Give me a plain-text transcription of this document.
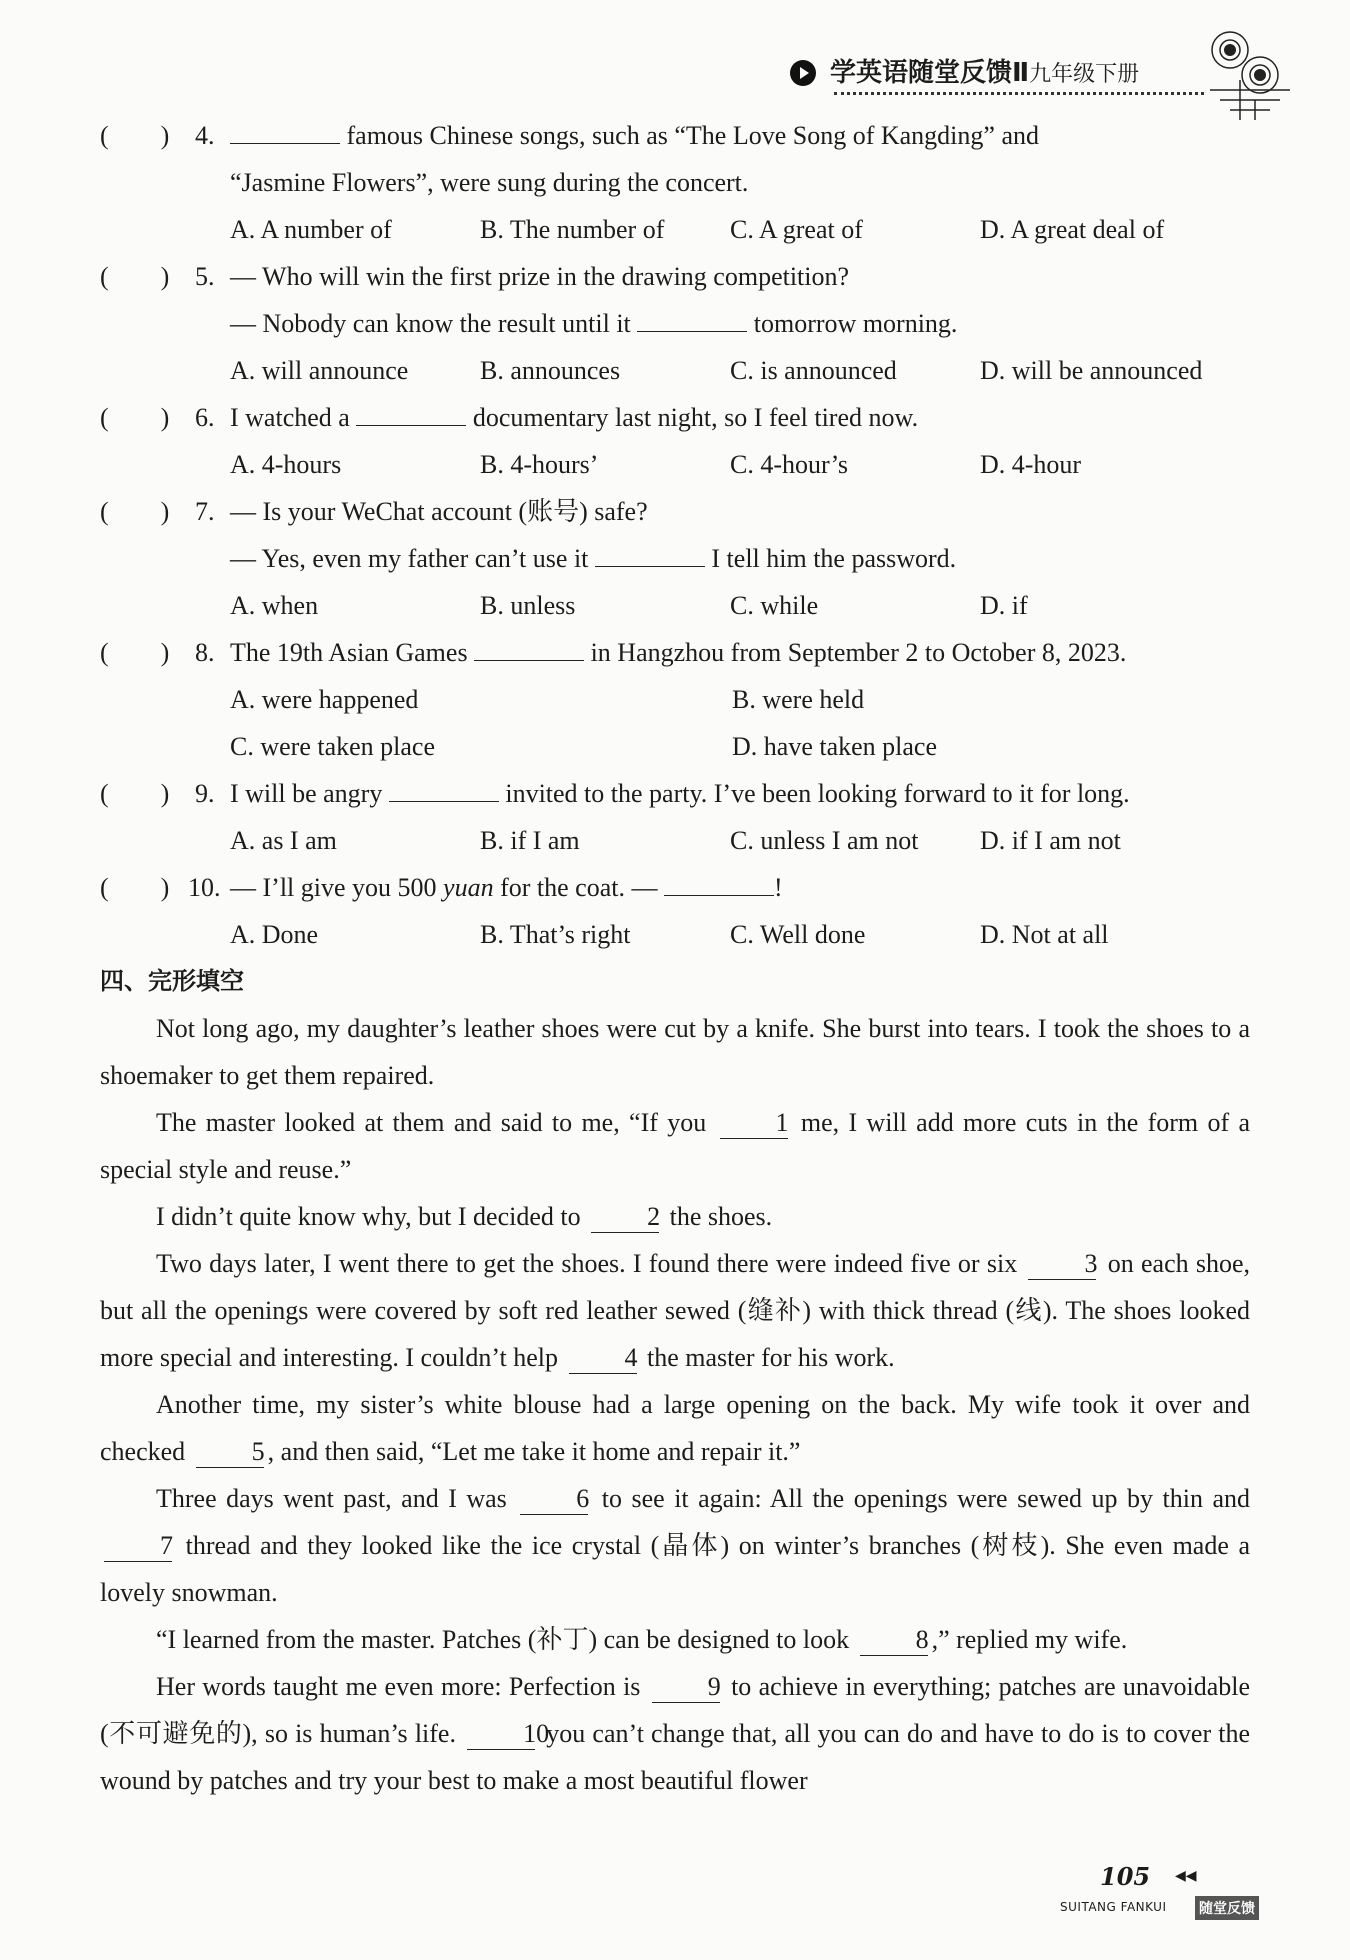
学英语随堂反馈Ⅱ九年级下册
(　　) 4.	famous Chinese songs, such as “The Love Song of Kangding” and
“Jasmine Flowers”, were sung during the concert.
A. A number of	B. The number of	C. A great of	D. A great deal of
(　　) 5. — Who will win the first prize in the drawing competition?
— Nobody can know the result until it	tomorrow morning.
A. will announce	B. announces	C. is announced	D. will be announced
(　　) 6. I watched a	documentary last night, so I feel tired now.
A. 4-hours	B. 4-hours’	C. 4-hour’s	D. 4-hour
(　　) 7. — Is your WeChat account (账号) safe?
— Yes, even my father can’t use it	I tell him the password.
A. when	B. unless	C. while	D. if
(　　) 8. The 19th Asian Games	in Hangzhou from September 2 to October 8, 2023.
A. were happened	B. were held
C. were taken place	D. have taken place
(　　) 9. I will be angry	invited to the party. I’ve been looking forward to it for long.
A. as I am	B. if I am	C. unless I am not	D. if I am not
(　　) 10. — I’ll give you 500 yuan for the coat. —	!
A. Done	B. That’s right	C. Well done	D. Not at all
四、完形填空
Not long ago, my daughter’s leather shoes were cut by a knife. She burst into tears. I took the shoes to a shoemaker to get them repaired.
The master looked at them and said to me, “If you	1 me, I will add more cuts in the form of a special style and reuse.”
I didn’t quite know why, but I decided to	2 the shoes.
Two days later, I went there to get the shoes. I found there were indeed five or six	3 on each shoe, but all the openings were covered by soft red leather sewed (缝补) with thick thread (线). The shoes looked more special and interesting. I couldn’t help	4 the master for his work.
Another time, my sister’s white blouse had a large opening on the back. My wife took it over and checked	5 , and then said, “Let me take it home and repair it.”
Three days went past, and I was	6 to see it again: All the openings were sewed up by thin and 7 thread and they looked like the ice crystal (晶体) on winter’s branches (树枝). She even made a lovely snowman.
“I learned from the master. Patches (补丁) can be designed to look	8 ,” replied my wife.
Her words taught me even more: Perfection is	9 to achieve in everything; patches are unavoidable (不可避免的), so is human’s life.	10 you can’t change that, all you can do and have to do is to cover the wound by patches and try your best to make a most beautiful flower
105 ◀◀
SUITANG FANKUI 随堂反馈
